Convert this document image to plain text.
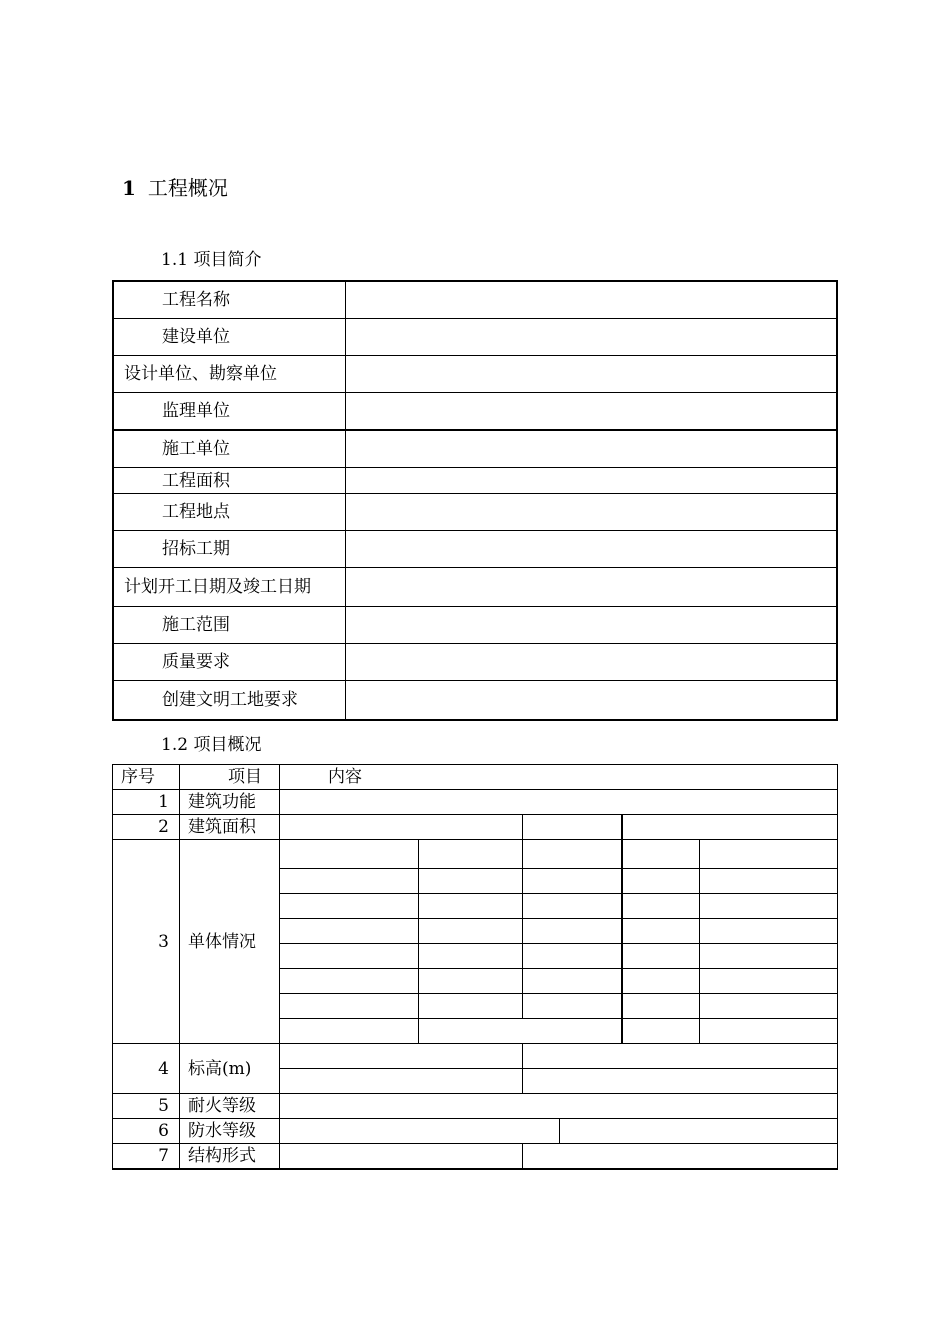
1 工程概况
1.1 项目简介
工程名称	
建设单位	
设计单位、勘察单位	
监理单位	
施工单位	
工程面积	
工程地点	
招标工期	
计划开工日期及竣工日期	
施工范围	
质量要求	
创建文明工地要求	
1.2 项目概况
序号	项目	内容					
1	建筑功能						
2	建筑面积						
3	单体情况						

4	标高(m)						

5	耐火等级						
6	防水等级						
7	结构形式						
